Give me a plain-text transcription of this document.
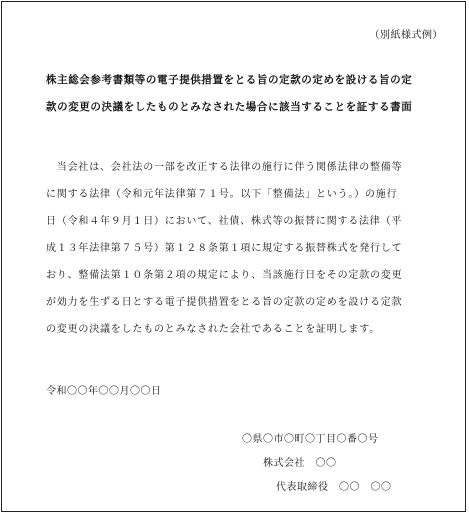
（別紙様式例）
株主総会参考書類等の電子提供措置をとる旨の定款の定めを設ける旨の定
款の変更の決議をしたものとみなされた場合に該当することを証する書面
　当会社は、会社法の一部を改正する法律の施行に伴う関係法律の整備等
に関する法律（令和元年法律第７１号。以下「整備法」という。）の施行
日（令和４年９月１日）において、社債、株式等の振替に関する法律（平
成１３年法律第７５号）第１２８条第１項に規定する振替株式を発行して
おり、整備法第１０条第２項の規定により、当該施行日をその定款の変更
が効力を生ずる日とする電子提供措置をとる旨の定款の定めを設ける定款
の変更の決議をしたものとみなされた会社であることを証明します。
令和〇〇年〇〇月〇〇日
〇県〇市〇町〇丁目〇番〇号
株式会社　〇〇
代表取締役　〇〇　〇〇
